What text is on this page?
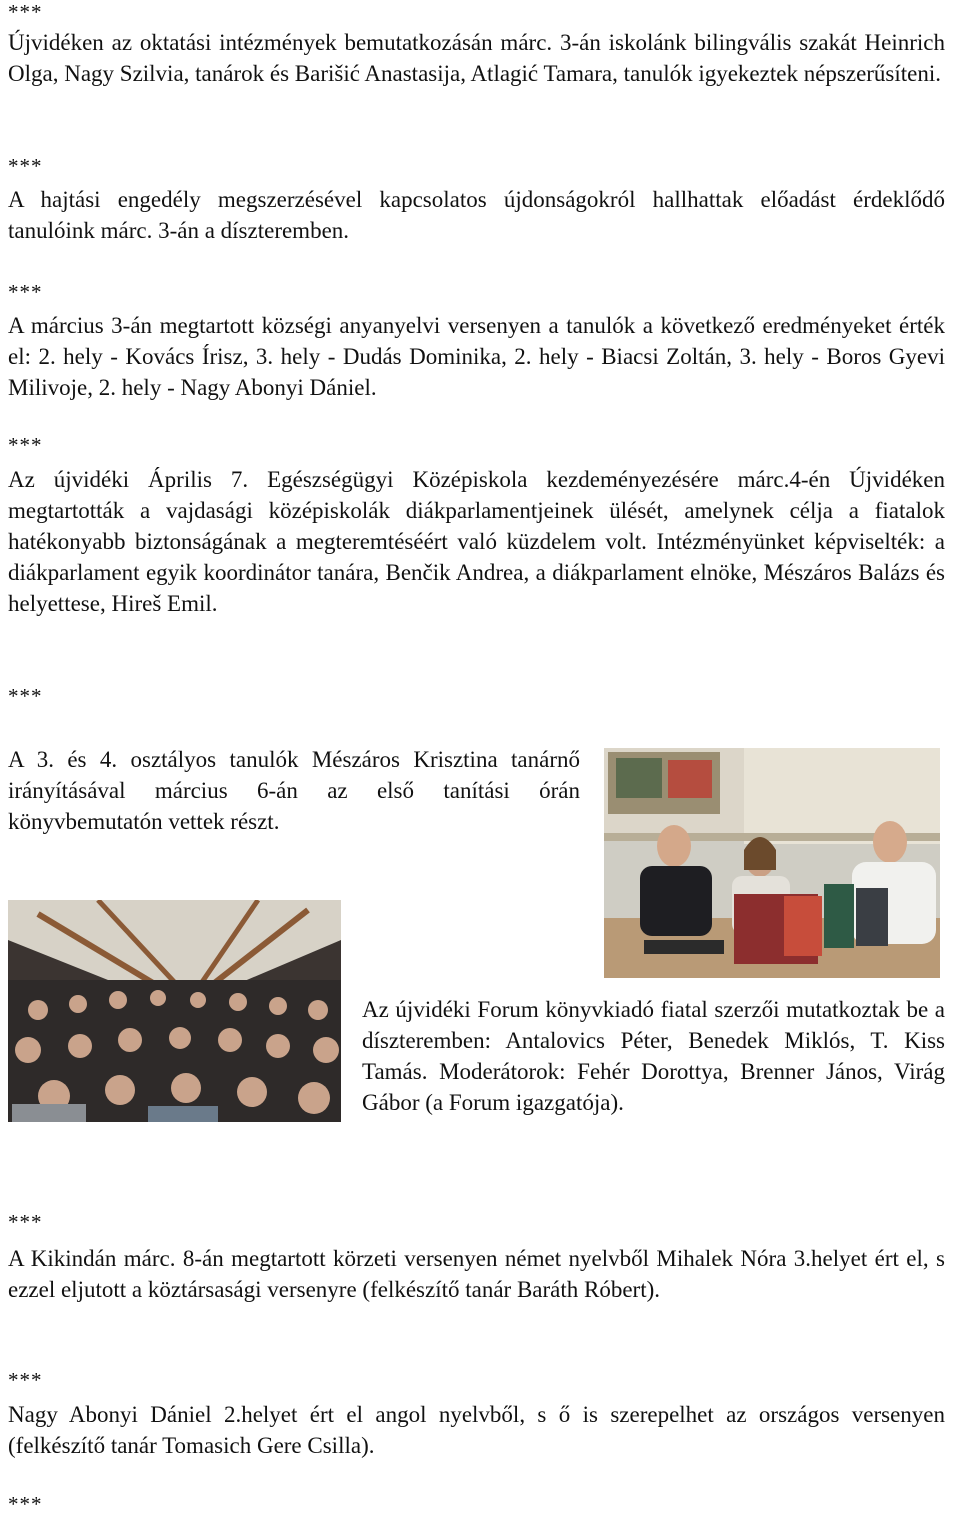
***
Újvidéken az oktatási intézmények bemutatkozásán márc. 3-án iskolánk bilingvális szakát Heinrich Olga, Nagy Szilvia, tanárok és Barišić Anastasija, Atlagić Tamara, tanulók igyekeztek népszerűsíteni.
***
A hajtási engedély megszerzésével kapcsolatos újdonságokról hallhattak előadást érdeklődő tanulóink márc. 3-án a díszteremben.
***
A március 3-án megtartott községi anyanyelvi versenyen a tanulók a következő eredményeket érték el: 2. hely - Kovács Írisz, 3. hely - Dudás Dominika, 2. hely - Biacsi Zoltán, 3. hely - Boros Gyevi Milivoje, 2. hely - Nagy Abonyi Dániel.
***
Az újvidéki Április 7. Egészségügyi Középiskola kezdeményezésére márc.4-én Újvidéken megtartották a vajdasági középiskolák diákparlamentjeinek ülését, amelynek célja a fiatalok hatékonyabb biztonságának a megteremtéséért való küzdelem volt. Intézményünket képviselték: a diákparlament egyik koordinátor tanára, Benčik Andrea, a diákparlament elnöke, Mészáros Balázs és helyettese, Hireš Emil.
***
A 3. és 4. osztályos tanulók Mészáros Krisztina tanárnő irányításával március 6-án az első tanítási órán könyvbemutatón vettek részt.
Az újvidéki Forum könyvkiadó fiatal szerzői mutatkoztak be a díszteremben: Antalovics Péter, Benedek Miklós, T. Kiss Tamás. Moderátorok: Fehér Dorottya, Brenner János, Virág Gábor (a Forum igazgatója).
***
A Kikindán márc. 8-án megtartott körzeti versenyen német nyelvből Mihalek Nóra 3.helyet ért el, s ezzel eljutott a köztársasági versenyre (felkészítő tanár Baráth Róbert).
***
Nagy Abonyi Dániel 2.helyet ért el angol nyelvből, s ő is szerepelhet az országos versenyen (felkészítő tanár Tomasich Gere Csilla).
***
